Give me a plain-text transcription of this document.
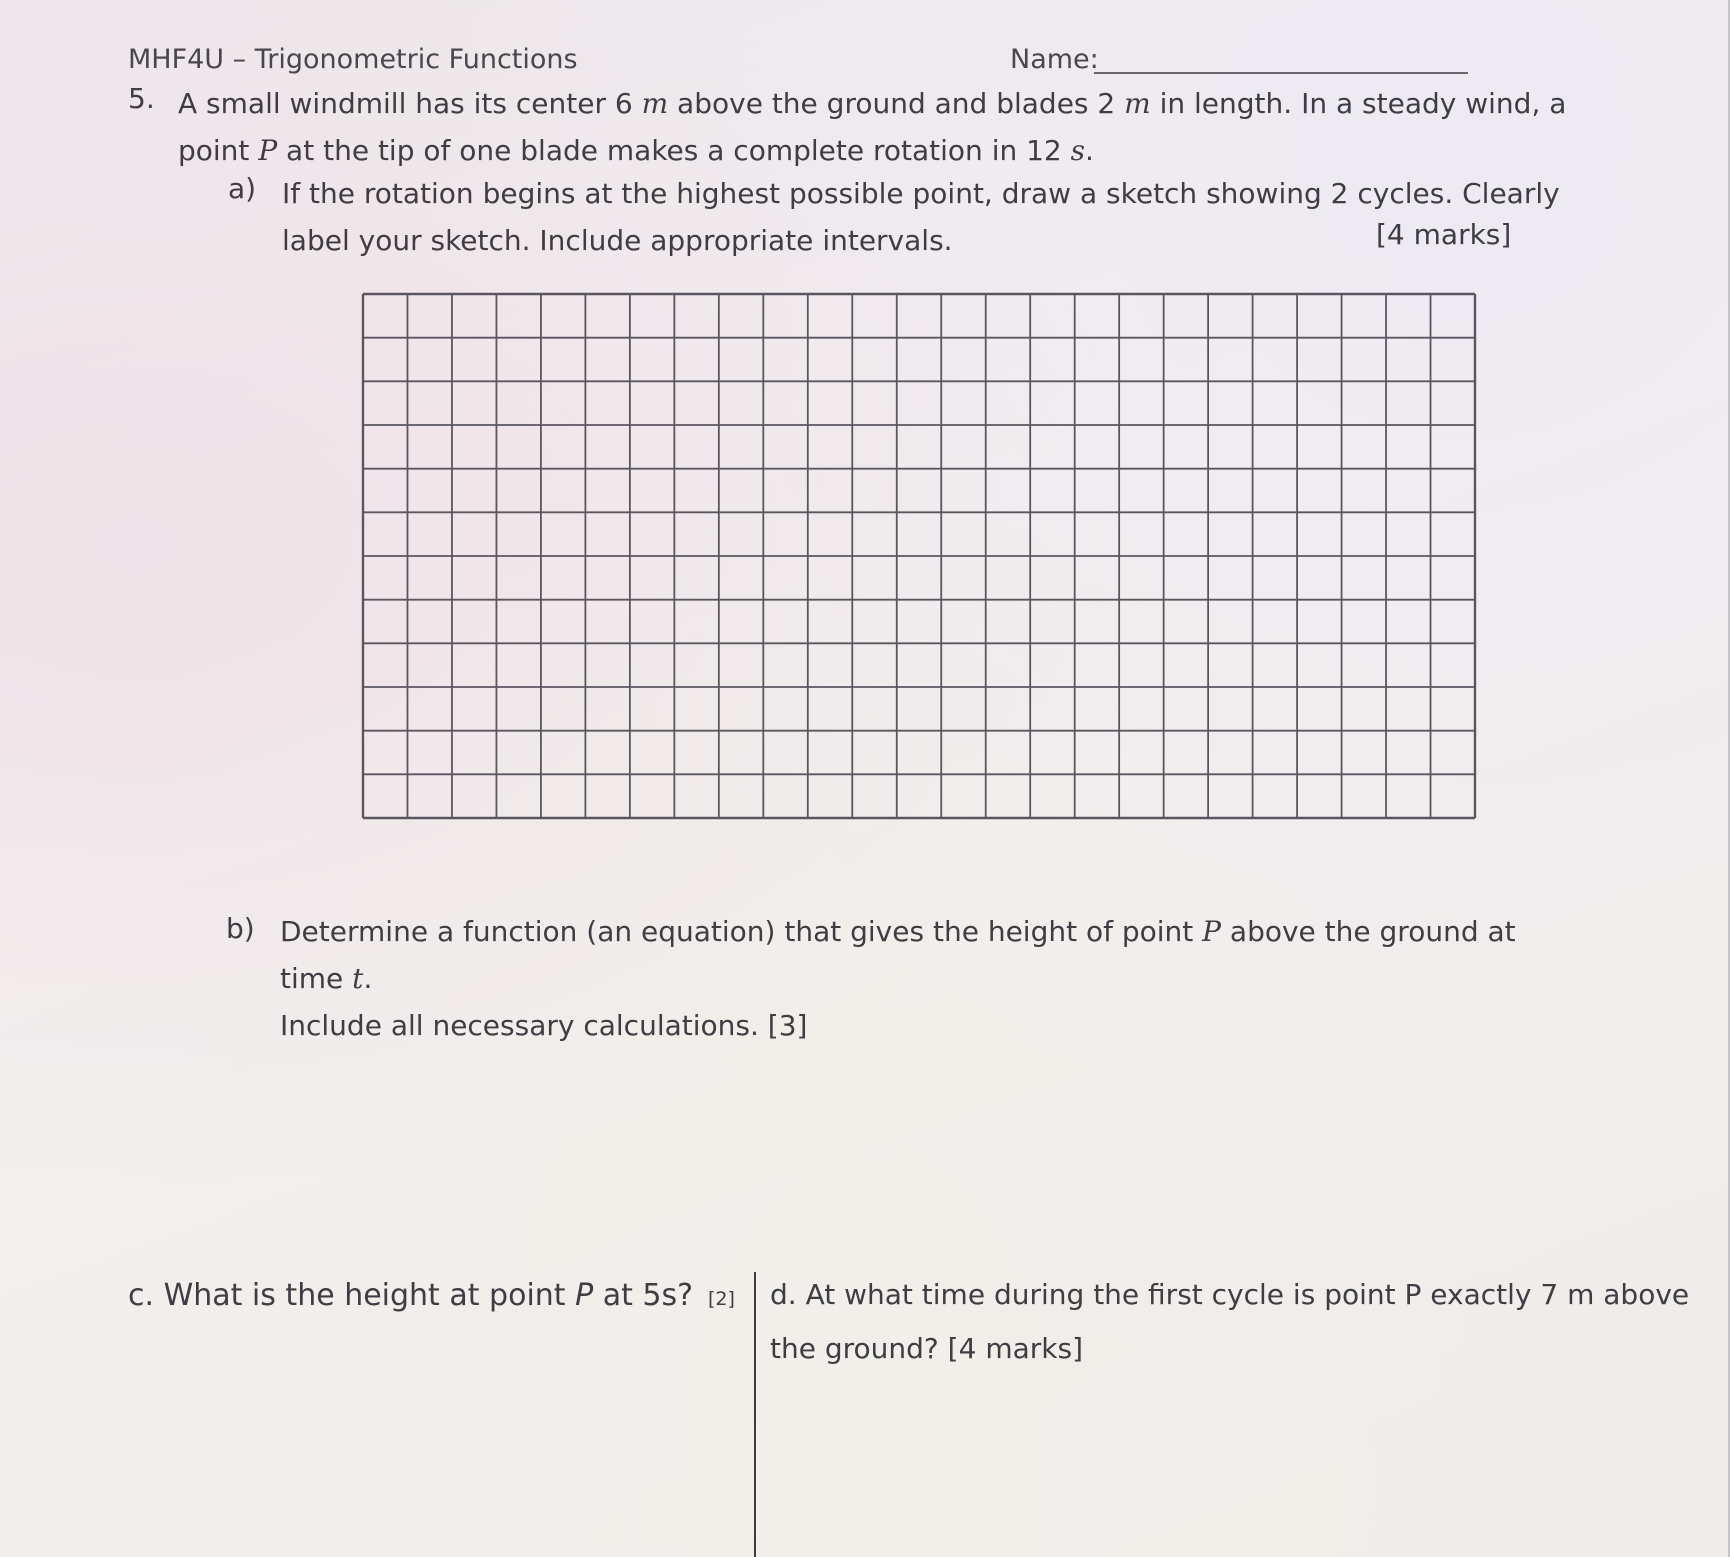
MHF4U – Trigonometric Functions	Name:
5. A small windmill has its center 6 m above the ground and blades 2 m in length. In a steady wind, a point P at the tip of one blade makes a complete rotation in 12 s.
a) If the rotation begins at the highest possible point, draw a sketch showing 2 cycles. Clearly label your sketch. Include appropriate intervals.	[4 marks]
b) Determine a function (an equation) that gives the height of point P above the ground at time t.
Include all necessary calculations. [3]
c. What is the height at point P at 5s? [2] d. At what time during the first cycle is point P exactly 7 m above the ground? [4 marks]
